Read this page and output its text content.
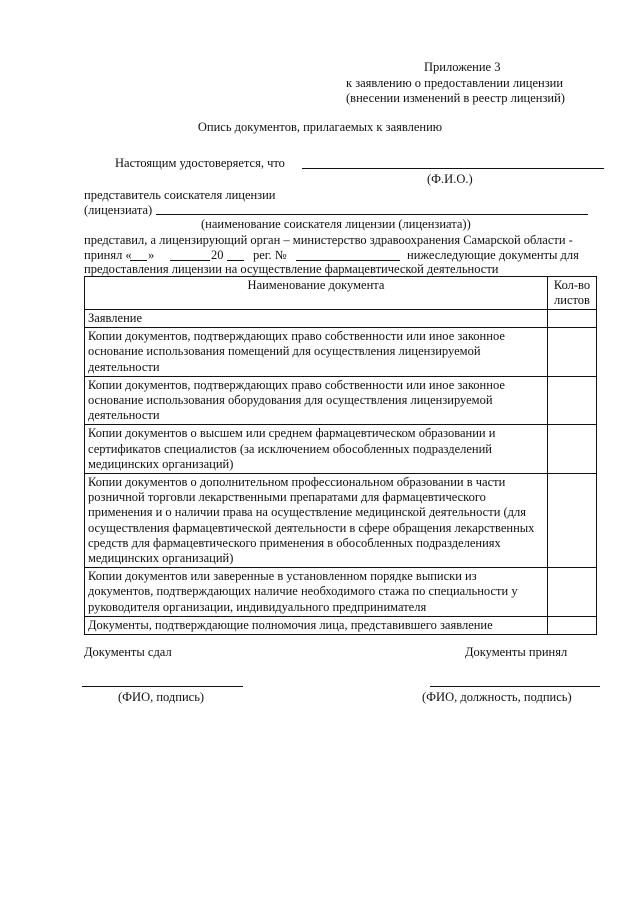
Приложение 3
к заявлению о предоставлении лицензии
(внесении изменений в реестр лицензий)
Опись документов, прилагаемых к заявлению
Настоящим удостоверяется, что
(Ф.И.О.)
представитель соискателя лицензии
(лицензиата)
(наименование соискателя лицензии (лицензиата))
представил, а лицензирующий орган – министерство здравоохранения Самарской области -
принял « »	20 рег. №	нижеследующие документы для
предоставления лицензии на осуществление фармацевтической деятельности
Наименование документа	Кол-во
листов

Заявление	
Копии документов, подтверждающих право собственности или иное законное основание использования помещений для осуществления лицензируемой деятельности	
Копии документов, подтверждающих право собственности или иное законное основание использования оборудования для осуществления лицензируемой деятельности	
Копии документов о высшем или среднем фармацевтическом образовании и сертификатов специалистов (за исключением обособленных подразделений медицинских организаций)	
Копии документов о дополнительном профессиональном образовании в части розничной торговли лекарственными препаратами для фармацевтического применения и о наличии права на осуществление медицинской деятельности (для осуществления фармацевтической деятельности в сфере обращения лекарственных средств для фармацевтического применения в обособленных подразделениях медицинских организаций)	
Копии документов или заверенные в установленном порядке выписки из документов, подтверждающих наличие необходимого стажа по специальности у руководителя организации, индивидуального предпринимателя	
Документы, подтверждающие полномочия лица, представившего заявление	
Документы сдал	Документы принял
(ФИО, подпись)	(ФИО, должность, подпись)
